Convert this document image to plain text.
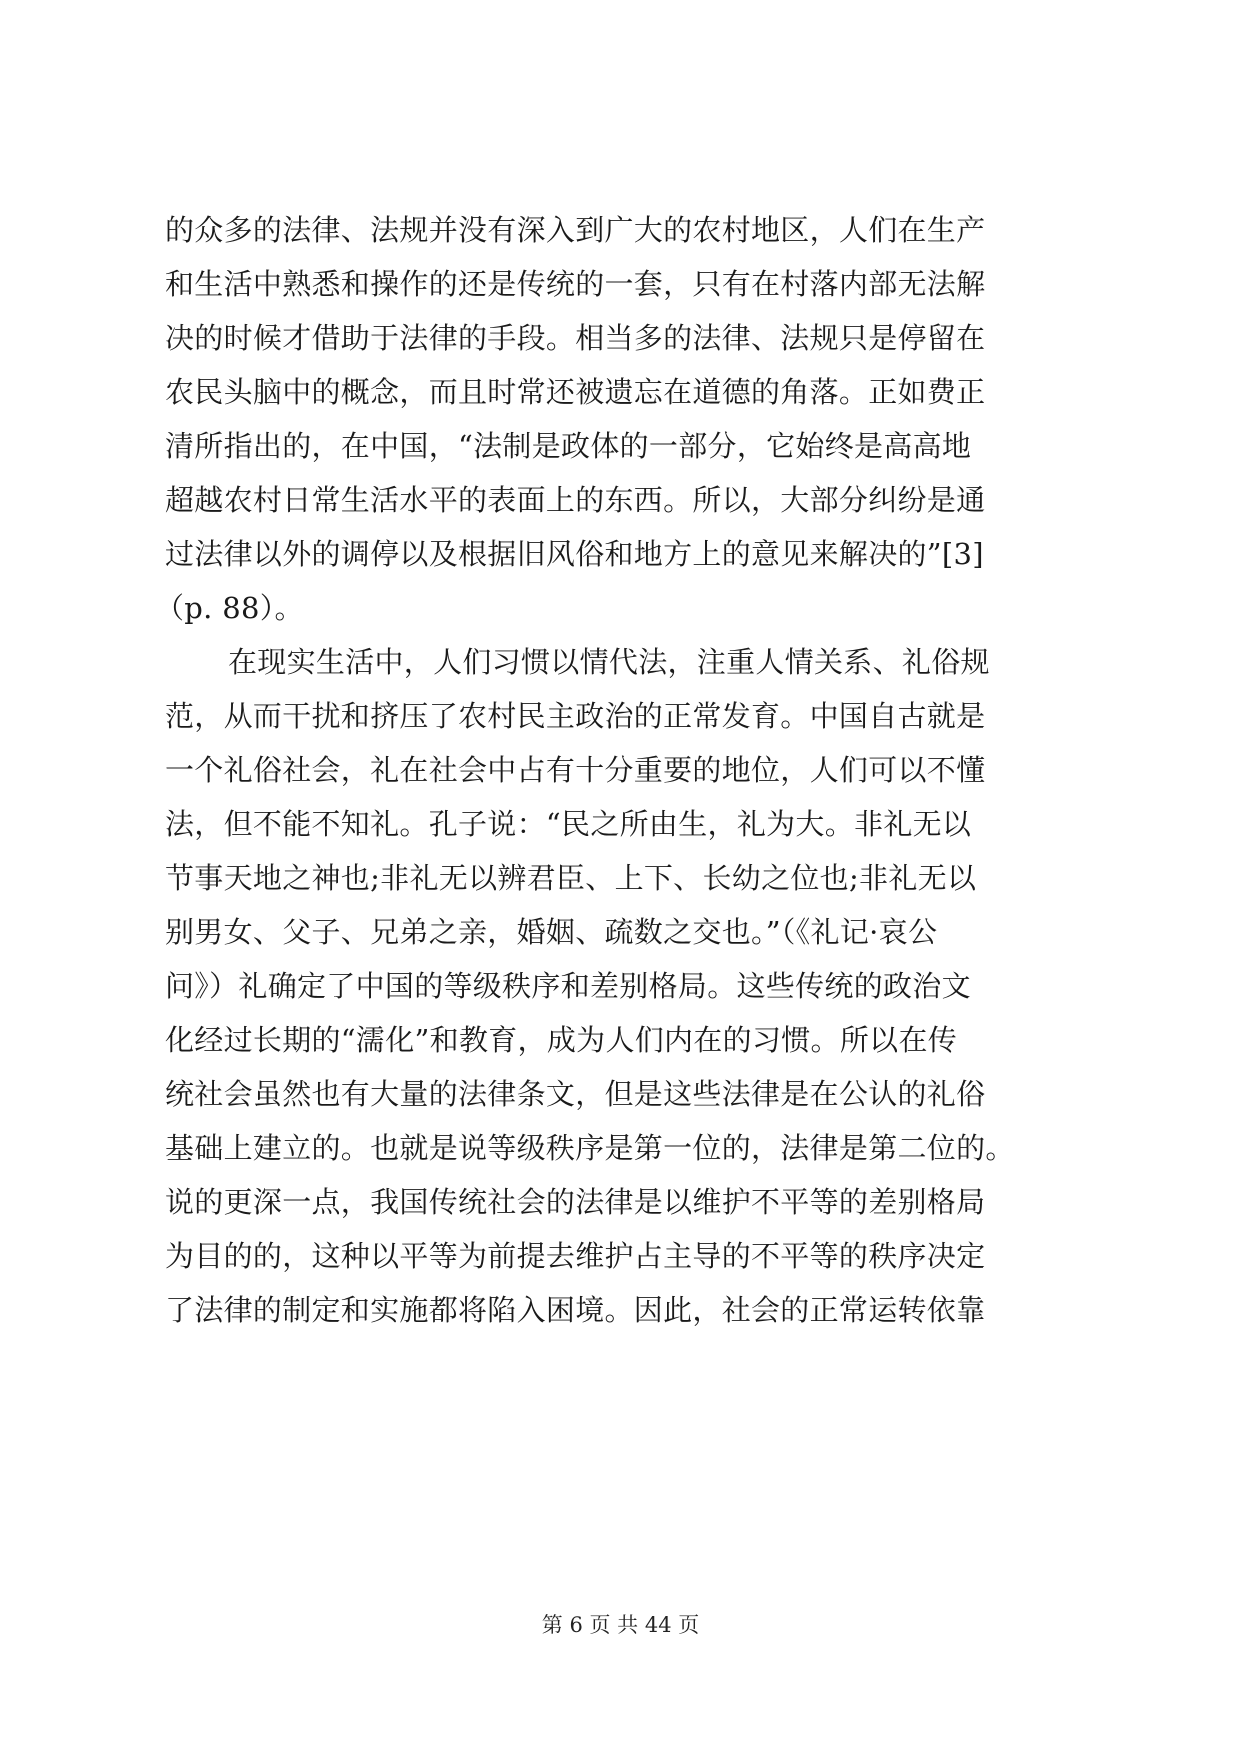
的众多的法律、法规并没有深入到广大的农村地区，人们在生产
和生活中熟悉和操作的还是传统的一套，只有在村落内部无法解
决的时候才借助于法律的手段。相当多的法律、法规只是停留在
农民头脑中的概念，而且时常还被遗忘在道德的角落。正如费正
清所指出的，在中国，“法制是政体的一部分，它始终是高高地
超越农村日常生活水平的表面上的东西。所以，大部分纠纷是通
过法律以外的调停以及根据旧风俗和地方上的意见来解决的”[3]
（p. 88）。
在现实生活中，人们习惯以情代法，注重人情关系、礼俗规
范，从而干扰和挤压了农村民主政治的正常发育。中国自古就是
一个礼俗社会，礼在社会中占有十分重要的地位，人们可以不懂
法，但不能不知礼。孔子说：“民之所由生，礼为大。非礼无以
节事天地之神也;非礼无以辨君臣、上下、长幼之位也;非礼无以
别男女、父子、兄弟之亲，婚姻、疏数之交也。”（《礼记·哀公
问》）礼确定了中国的等级秩序和差别格局。这些传统的政治文
化经过长期的“濡化”和教育，成为人们内在的习惯。所以在传
统社会虽然也有大量的法律条文，但是这些法律是在公认的礼俗
基础上建立的。也就是说等级秩序是第一位的，法律是第二位的。
说的更深一点，我国传统社会的法律是以维护不平等的差别格局
为目的的，这种以平等为前提去维护占主导的不平等的秩序决定
了法律的制定和实施都将陷入困境。因此，社会的正常运转依靠
第 6 页 共 44 页
